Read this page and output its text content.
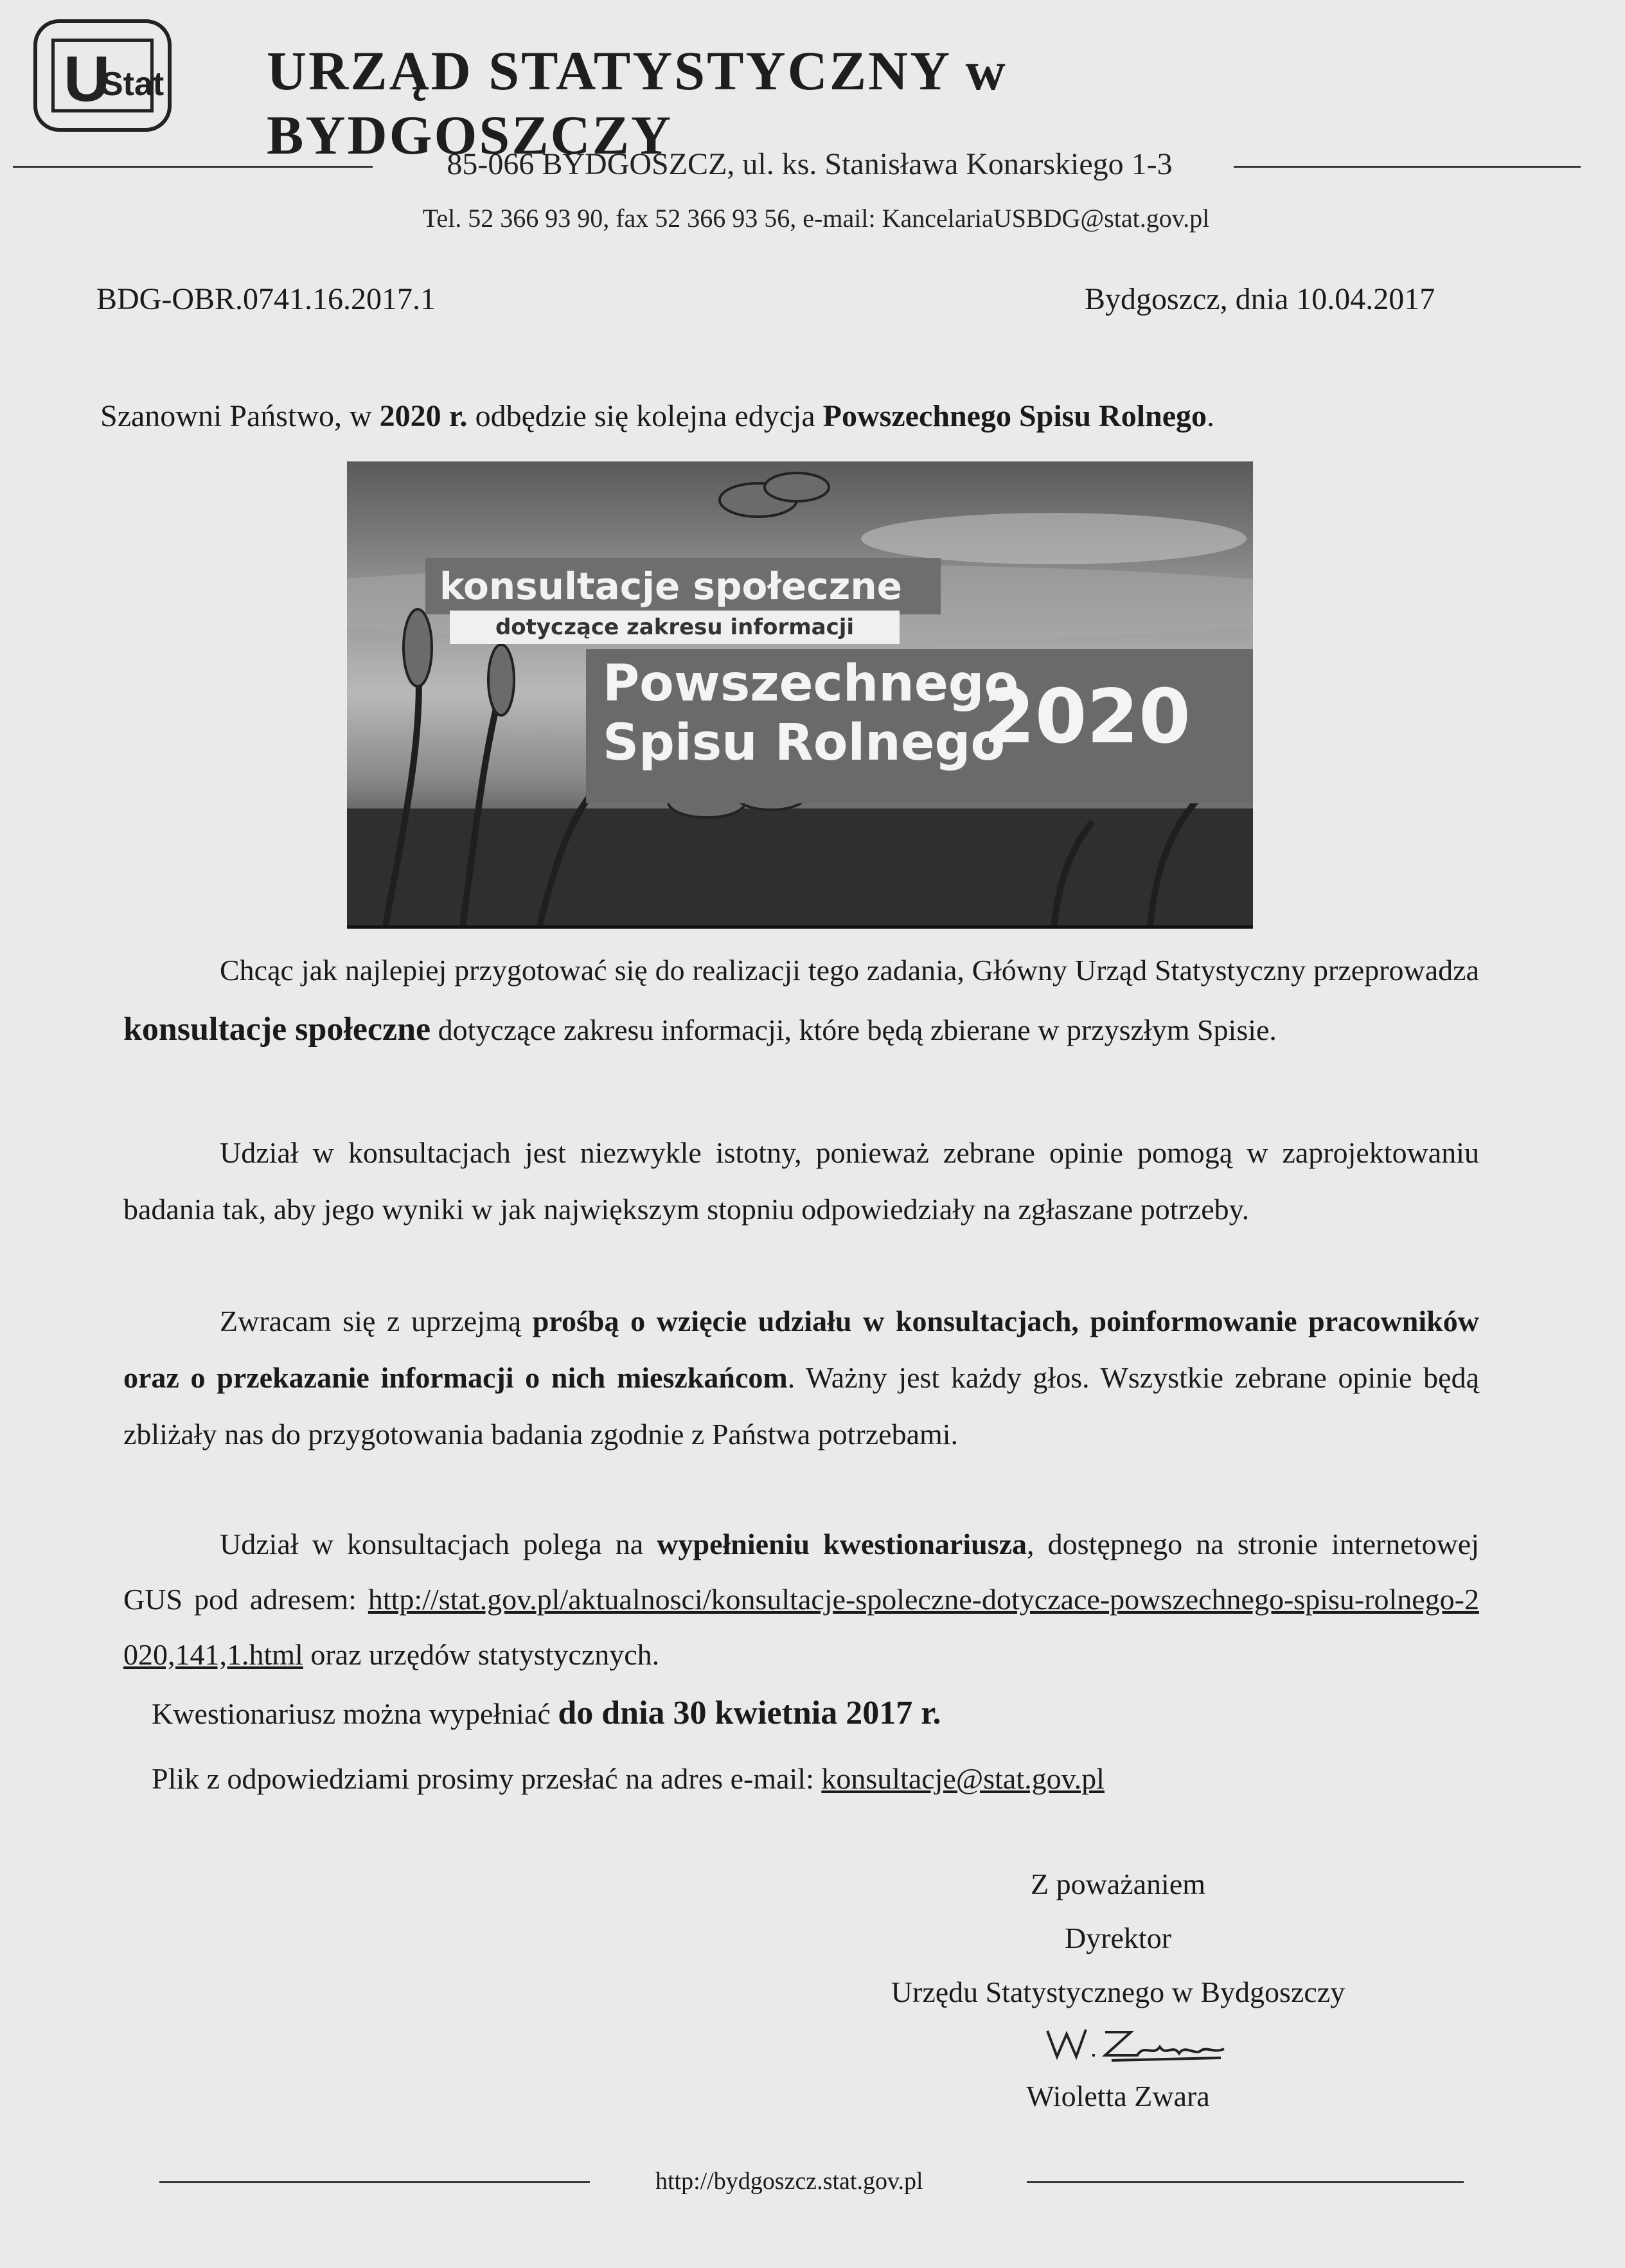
U
Stat URZĄD STATYSTYCZNY w BYDGOSZCZY
85-066 BYDGOSZCZ, ul. ks. Stanisława Konarskiego 1-3
Tel. 52 366 93 90, fax 52 366 93 56, e-mail: KancelariaUSBDG@stat.gov.pl
BDG-OBR.0741.16.2017.1	Bydgoszcz, dnia 10.04.2017
Szanowni Państwo, w 2020 r. odbędzie się kolejna edycja Powszechnego Spisu Rolnego.
konsultacje społeczne
dotyczące zakresu informacji
Powszechnego
Spisu Rolnego
2020

Chcąc jak najlepiej przygotować się do realizacji tego zadania, Główny Urząd Statystyczny przeprowadza konsultacje społeczne dotyczące zakresu informacji, które będą zbierane w przyszłym Spisie.

Udział w konsultacjach jest niezwykle istotny, ponieważ zebrane opinie pomogą w zaprojektowaniu badania tak, aby jego wyniki w jak największym stopniu odpowiedziały na zgłaszane potrzeby.

Zwracam się z uprzejmą prośbą o wzięcie udziału w konsultacjach, poinformowanie pracowników oraz o przekazanie informacji o nich mieszkańcom. Ważny jest każdy głos. Wszystkie zebrane opinie będą zbliżały nas do przygotowania badania zgodnie z Państwa potrzebami.

Udział w konsultacjach polega na wypełnieniu kwestionariusza, dostępnego na stronie internetowej GUS pod adresem: http://stat.gov.pl/aktualnosci/konsultacje-spoleczne-dotyczace-powszechnego-spisu-rolnego-2020,141,1.html oraz urzędów statystycznych.

Kwestionariusz można wypełniać do dnia 30 kwietnia 2017 r.

Plik z odpowiedziami prosimy przesłać na adres e-mail: konsultacje@stat.gov.pl

Z poważaniem
Dyrektor
Urzędu Statystycznego w Bydgoszczy
Wioletta Zwara
http://bydgoszcz.stat.gov.pl
